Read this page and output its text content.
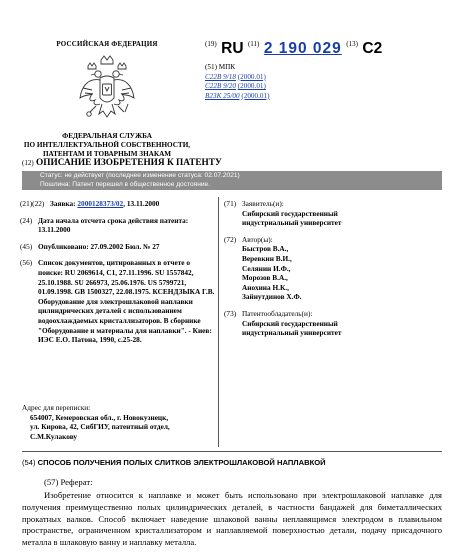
РОССИЙСКАЯ ФЕДЕРАЦИЯ
ФЕДЕРАЛЬНАЯ СЛУЖБА
ПО ИНТЕЛЛЕКТУАЛЬНОЙ СОБСТВЕННОСТИ,
ПАТЕНТАМ И ТОВАРНЫМ ЗНАКАМ
$^{(19)}$ RU $^{(11)}$ 2 190 029 $^{(13)}$ C2
(51) МПК
C22B 9/18 (2000.01)
C22B 9/20 (2000.01)
B23K 25/00 (2000.01)
(12) ОПИСАНИЕ ИЗОБРЕТЕНИЯ К ПАТЕНТУ
Статус: не действует (последнее изменение статуса: 02.07.2021)
Пошлина: Патент перешел в общественное достояние.
(21)(22) Заявка: 2000128373/02, 13.11.2000
(24) Дата начала отсчета срока действия патента:
13.11.2000
(45) Опубликовано: 27.09.2002 Бюл. № 27
(56) Список документов, цитированных в отчете о поиске: RU 2069614, C1, 27.11.1996. SU 1557842, 25.10.1988. SU 266973, 25.06.1976. US 5799721, 01.09.1998. GB 1500327, 22.08.1975. КСЕНДЗЫКА Г.В. Оборудование для электрошлаковой наплавки цилиндрических деталей с использованием водоохлаждаемых кристаллизаторов. В сборнике "Оборудование и материалы для наплавки". - Киев: ИЭС Е.О. Патона, 1990, с.25-28.
Адрес для переписки:
654007, Кемеровская обл., г. Новокузнецк,
ул. Кирова, 42, СибГИУ, патентный отдел,
С.М.Кулакову
(71) Заявитель(и):
Сибирский государственный
индустриальный университет
(72) Автор(ы):
Быстров В.А.,
Веревкин В.И.,
Селянин И.Ф.,
Морозов В.А.,
Анохина Н.К.,
Зайнутдинов Х.Ф.
(73) Патентообладатель(и):
Сибирский государственный
индустриальный университет
(54) СПОСОБ ПОЛУЧЕНИЯ ПОЛЫХ СЛИТКОВ ЭЛЕКТРОШЛАКОВОЙ НАПЛАВКОЙ
(57) Реферат:
Изобретение относится к наплавке и может быть использовано при электрошлаковой наплавке для получения преимущественно полых цилиндрических деталей, в частности бандажей для биметаллических прокатных валков. Способ включает наведение шлаковой ванны неплавящимся электродом в плавильном пространстве, ограниченном кристаллизатором и наплавляемой поверхностью детали, подачу присадочного металла в шлаковую ванну и наплавку металла.
